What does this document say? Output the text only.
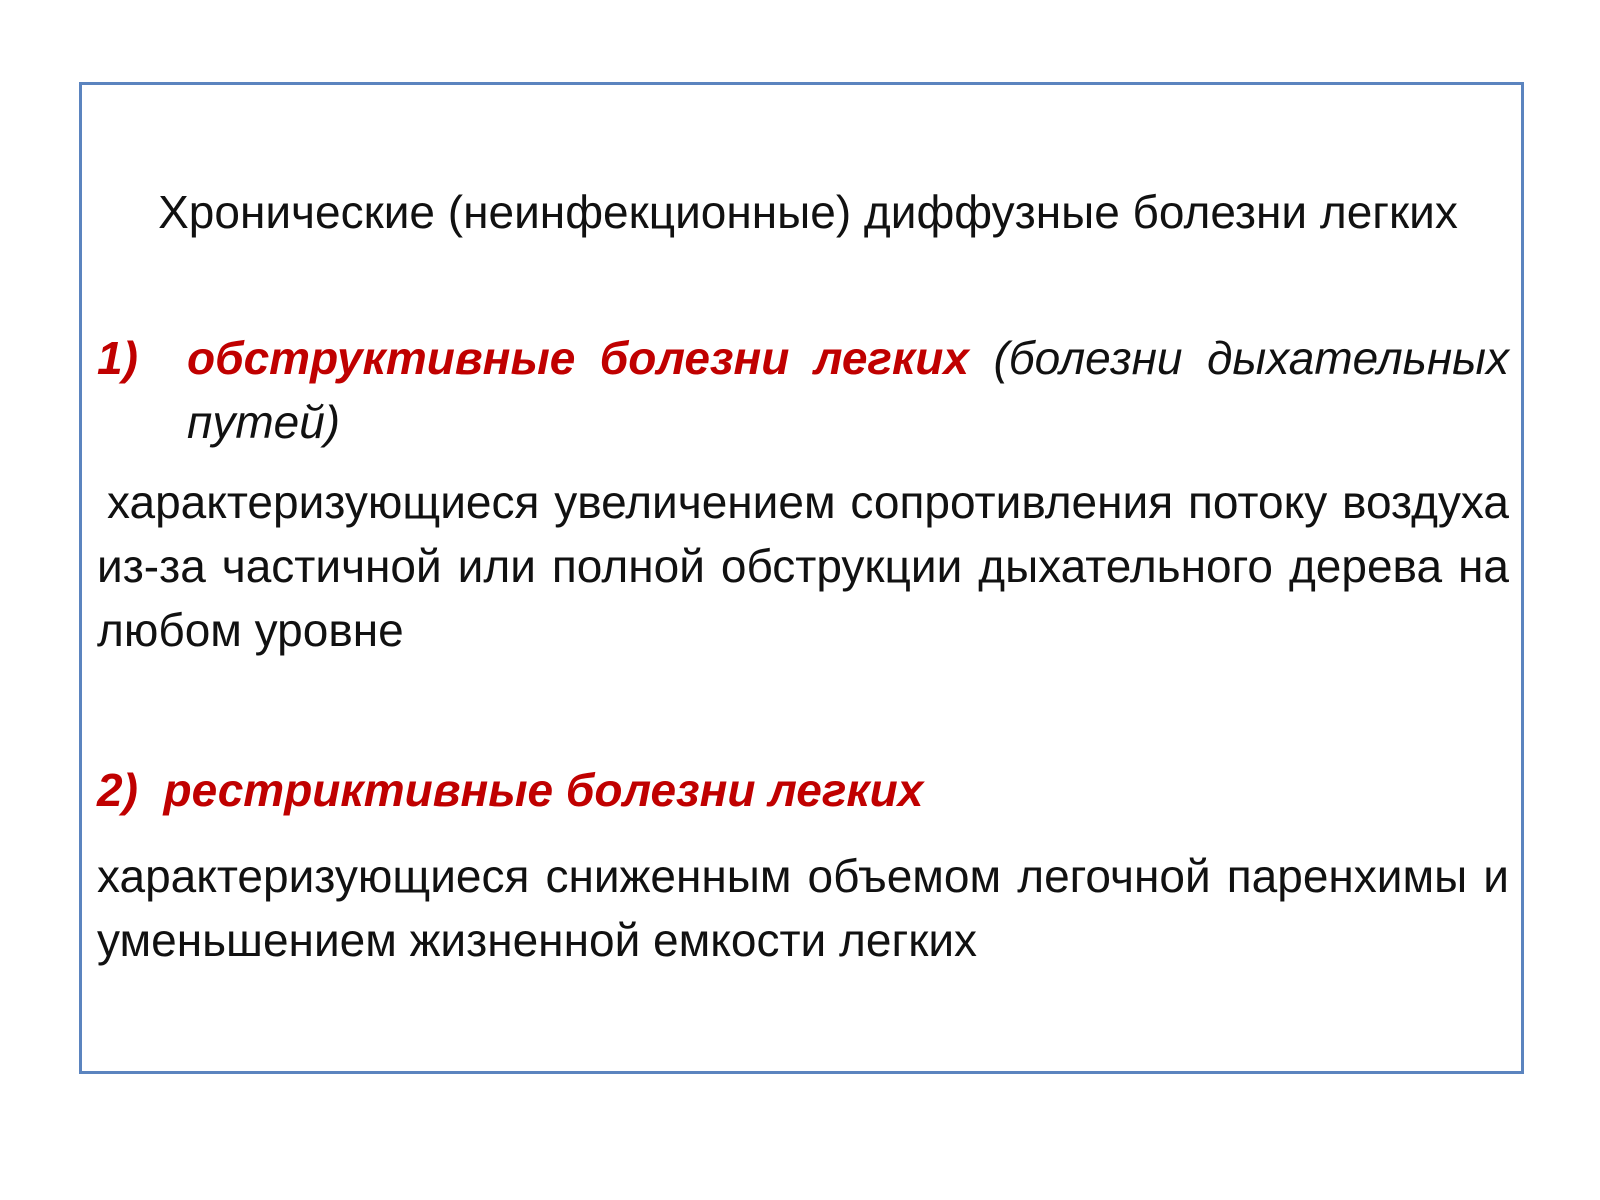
Хронические (неинфекционные) диффузные болезни легких
1) обструктивные болезни легких (болезни дыхательных путей)

характеризующиеся увеличением сопротивления потоку воздуха из-за частичной или полной обструкции дыхательного дерева на любом уровне

2) рестриктивные болезни легких

характеризующиеся сниженным объемом легочной паренхимы и уменьшением жизненной емкости легких
